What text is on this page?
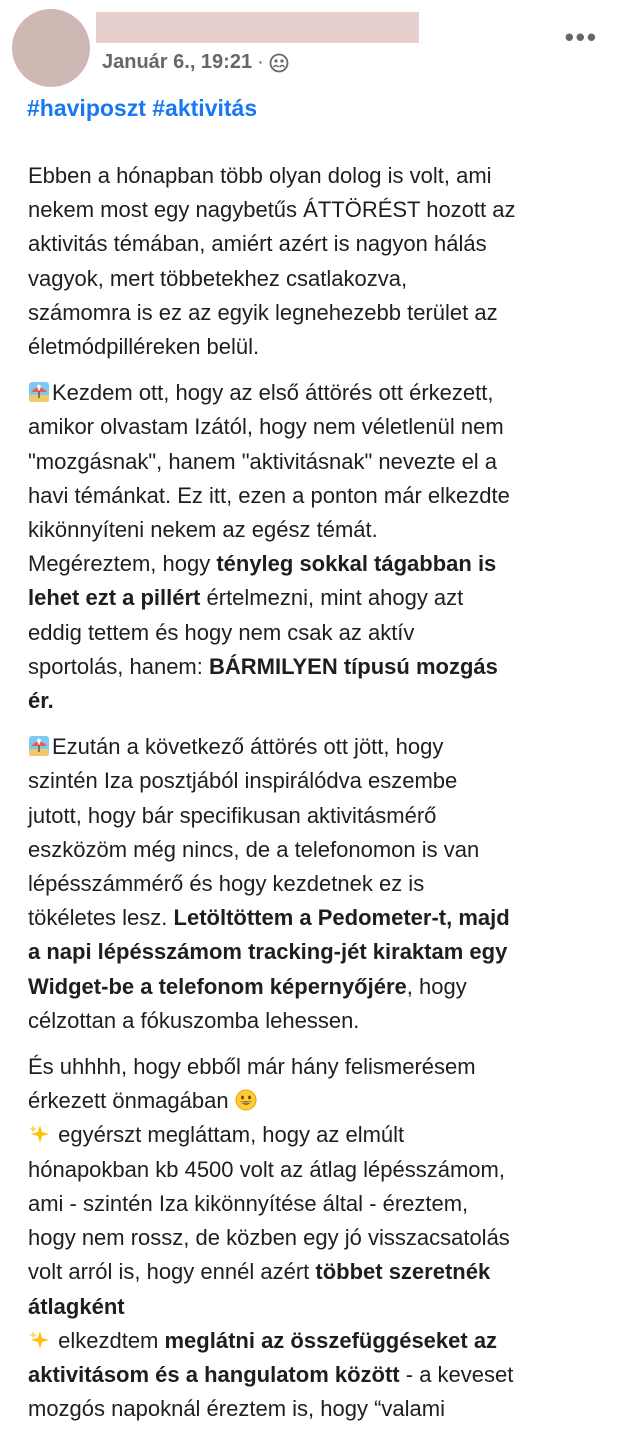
Január 6., 19:21 ·
•••
#haviposzt #aktivitás

Ebben a hónapban több olyan dolog is volt, ami
nekem most egy nagybetűs ÁTTÖRÉST hozott az
aktivitás témában, amiért azért is nagyon hálás
vagyok, mert többetekhez csatlakozva,
számomra is ez az egyik legnehezebb terület az
életmódpilléreken belül.

Kezdem ott, hogy az első áttörés ott érkezett,
amikor olvastam Izától, hogy nem véletlenül nem
"mozgásnak", hanem "aktivitásnak" nevezte el a
havi témánkat. Ez itt, ezen a ponton már elkezdte
kikönnyíteni nekem az egész témát.
Megéreztem, hogy tényleg sokkal tágabban is
lehet ezt a pillért értelmezni, mint ahogy azt
eddig tettem és hogy nem csak az aktív
sportolás, hanem: BÁRMILYEN típusú mozgás
ér.

Ezután a következő áttörés ott jött, hogy
szintén Iza posztjából inspirálódva eszembe
jutott, hogy bár specifikusan aktivitásmérő
eszközöm még nincs, de a telefonomon is van
lépésszámmérő és hogy kezdetnek ez is
tökéletes lesz. Letöltöttem a Pedometer-t, majd
a napi lépésszámom tracking-jét kiraktam egy
Widget-be a telefonom képernyőjére, hogy
célzottan a fókuszomba lehessen.

És uhhhh, hogy ebből már hány felismerésem
érkezett önmagában
egyérszt megláttam, hogy az elmúlt
hónapokban kb 4500 volt az átlag lépésszámom,
ami - szintén Iza kikönnyítése által - éreztem,
hogy nem rossz, de közben egy jó visszacsatolás
volt arról is, hogy ennél azért többet szeretnék
átlagként
elkezdtem meglátni az összefüggéseket az
aktivitásom és a hangulatom között - a keveset
mozgós napoknál éreztem is, hogy “valami
